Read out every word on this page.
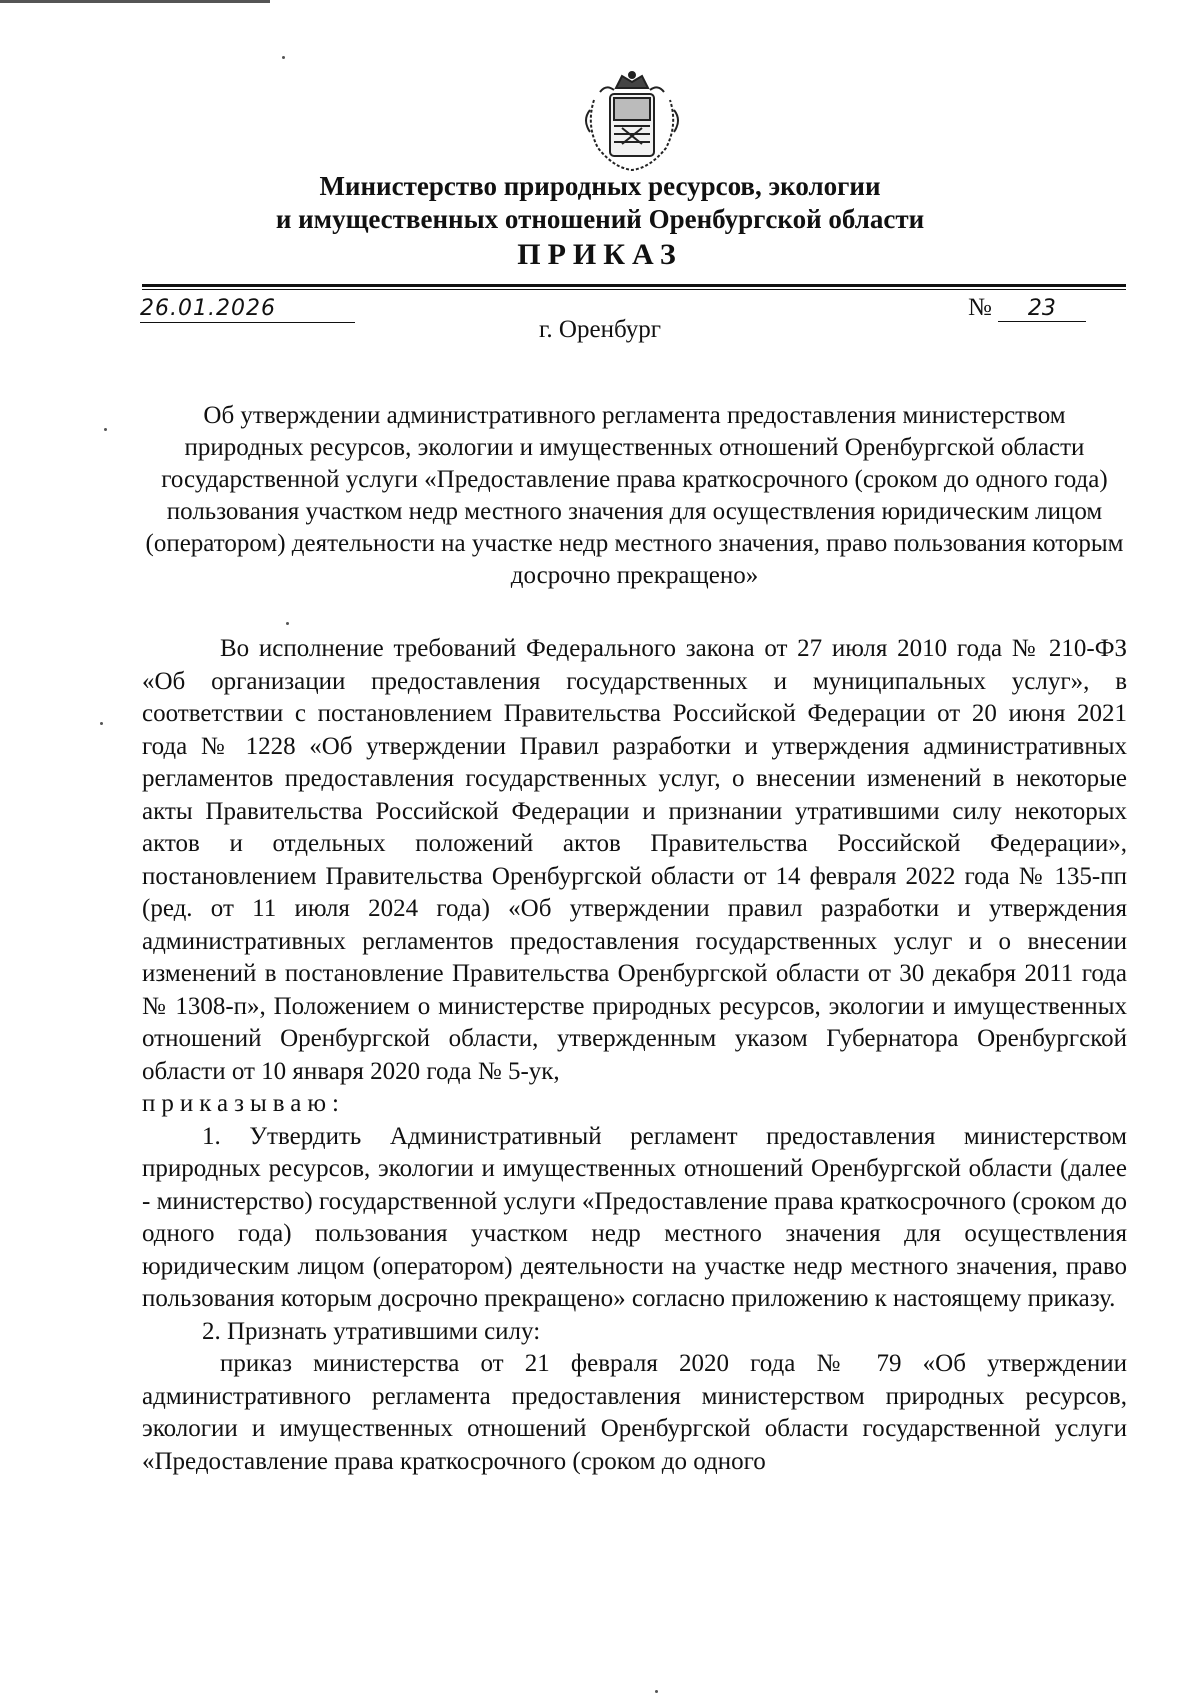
Министерство природных ресурсов, экологии
и имущественных отношений Оренбургской области
ПРИКАЗ
26.01.2026	№ 23
г. Оренбург
Об утверждении административного регламента предоставления министерством природных ресурсов, экологии и имущественных отношений Оренбургской области государственной услуги «Предоставление права краткосрочного (сроком до одного года) пользования участком недр местного значения для осуществления юридическим лицом (оператором) деятельности на участке недр местного значения, право пользования которым досрочно прекращено»

Во исполнение требований Федерального закона от 27 июля 2010 года № 210-ФЗ «Об организации предоставления государственных и муниципальных услуг», в соответствии с постановлением Правительства Российской Федерации от 20 июня 2021 года № 1228 «Об утверждении Правил разработки и утверждения административных регламентов предоставления государственных услуг, о внесении изменений в некоторые акты Правительства Российской Федерации и признании утратившими силу некоторых актов и отдельных положений актов Правительства Российской Федерации», постановлением Правительства Оренбургской области от 14 февраля 2022 года № 135-пп (ред. от 11 июля 2024 года) «Об утверждении правил разработки и утверждения административных регламентов предоставления государственных услуг и о внесении изменений в постановление Правительства Оренбургской области от 30 декабря 2011 года № 1308-п», Положением о министерстве природных ресурсов, экологии и имущественных отношений Оренбургской области, утвержденным указом Губернатора Оренбургской области от 10 января 2020 года № 5-ук,
приказываю:

1. Утвердить Административный регламент предоставления министерством природных ресурсов, экологии и имущественных отношений Оренбургской области (далее - министерство) государственной услуги «Предоставление права краткосрочного (сроком до одного года) пользования участком недр местного значения для осуществления юридическим лицом (оператором) деятельности на участке недр местного значения, право пользования которым досрочно прекращено» согласно приложению к настоящему приказу.

2. Признать утратившими силу:

приказ министерства от 21 февраля 2020 года № 79 «Об утверждении административного регламента предоставления министерством природных ресурсов, экологии и имущественных отношений Оренбургской области государственной услуги «Предоставление права краткосрочного (сроком до одного
